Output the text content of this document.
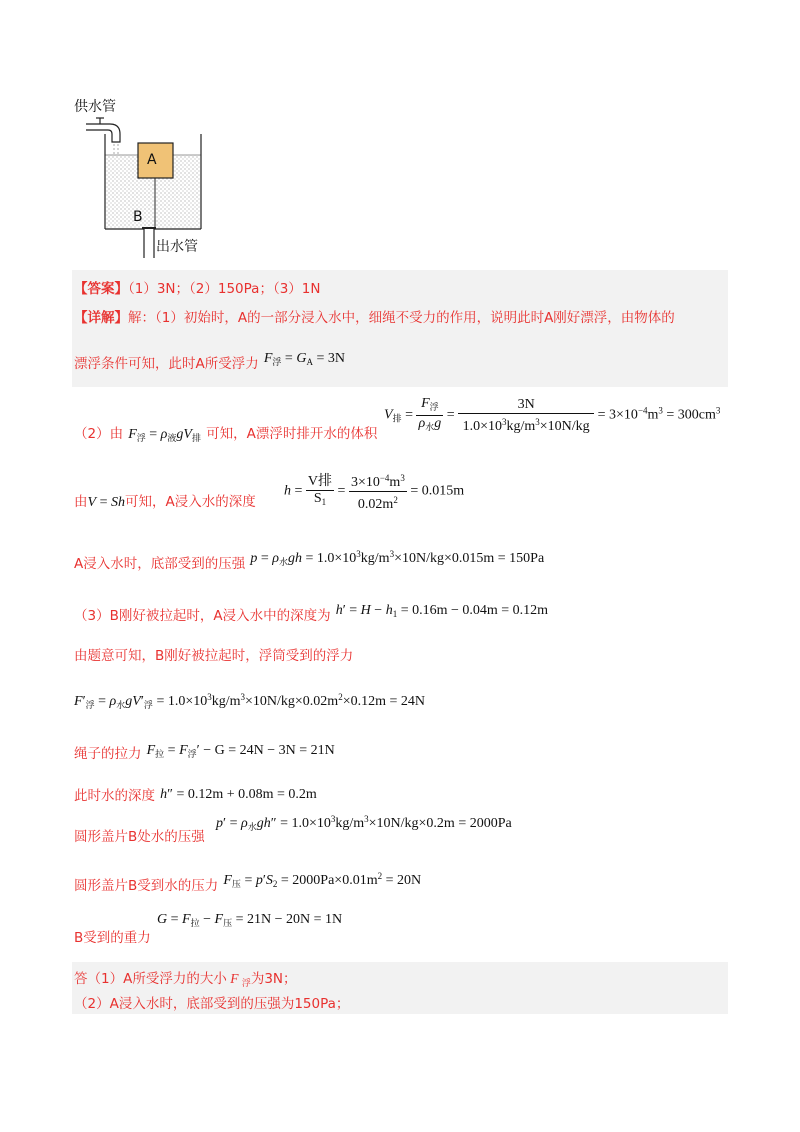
供水管
A
B
出水管
【答案】（1）3N；（2）150Pa；（3）1N
【详解】解：（1）初始时，A的一部分浸入水中，细绳不受力的作用，说明此时A刚好漂浮，由物体的
漂浮条件可知，此时A所受浮力 $F_浮 = G_A = 3N$
$_{(2)由}$ $F_浮 = \rho_液gV_排$ $_{可知,A漂浮时排开水的体积}$
$V_排 = \frac{F_浮}{\rho_水g} = \frac{3N}{1.0\times 10^3kg/m^3\times 10N/kg} = 3\times 10^{-4}m^3 = 300cm^3$
由V = Sh可知，A浸入水的深度
$h = \frac{\text{V排}}{S_1} = \frac{3\times 10^{-4}m^3}{0.02m^2} = 0.015m$
A浸入水时，底部受到的压强 $p = \rho_水gh = 1.0\times 10^3kg/m^3\times 10N/kg\times 0.015m = 150Pa$
（3）B刚好被拉起时，A浸入水中的深度为 $h' = H - h_1 = 0.16m - 0.04m = 0.12m$
由题意可知，B刚好被拉起时，浮筒受到的浮力
$F'_浮 = \rho_水gV'_浮 = 1.0\times 10^3kg/m^3\times 10N/kg\times 0.02m^2\times 0.12m = 24N$
绳子的拉力 $F_拉 = F_浮' - G = 24N - 3N = 21N$
此时水的深度 h″ = 0.12m + 0.08m = 0.2m
$p' = \rho_水gh'' = 1.0\times 10^3kg/m^3\times 10N/kg\times 0.2m = 2000Pa$
圆形盖片B处水的压强
圆形盖片B受到水的压力 $F_压 = p'S_2 = 2000Pa\times 0.01m^2 = 20N$
$G = F_拉 - F_压 = 21N - 20N = 1N$
B受到的重力
答（1）A所受浮力的大小 F $_浮$为3N；
（2）A浸入水时，底部受到的压强为150Pa；
